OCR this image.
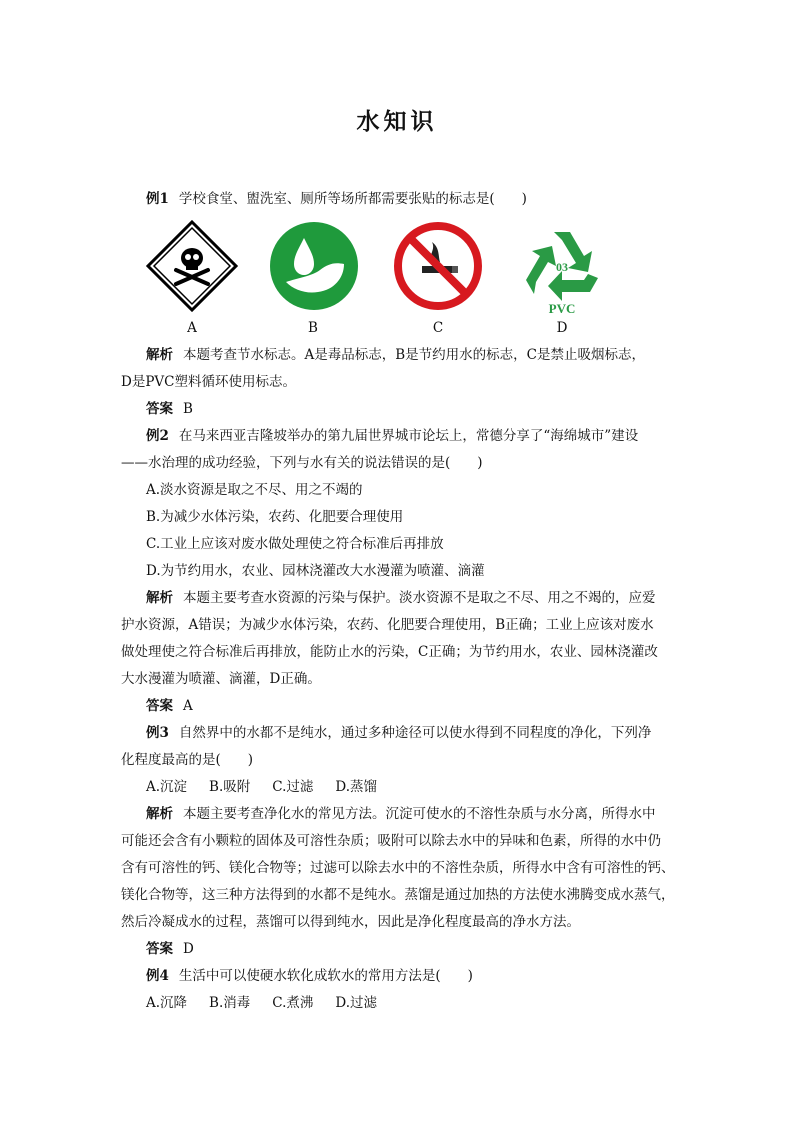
水知识
例1 学校食堂、盥洗室、厕所等场所都需要张贴的标志是(　　)
A	B	C
03
PVC
D
解析 本题考查节水标志。A是毒品标志，B是节约用水的标志，C是禁止吸烟标志，
D是PVC塑料循环使用标志。
答案 B
例2 在马来西亚吉隆坡举办的第九届世界城市论坛上，常德分享了“海绵城市”建设
——水治理的成功经验，下列与水有关的说法错误的是(　　)
A.淡水资源是取之不尽、用之不竭的
B.为减少水体污染，农药、化肥要合理使用
C.工业上应该对废水做处理使之符合标准后再排放
D.为节约用水，农业、园林浇灌改大水漫灌为喷灌、滴灌
解析 本题主要考查水资源的污染与保护。淡水资源不是取之不尽、用之不竭的，应爱
护水资源，A错误；为减少水体污染，农药、化肥要合理使用，B正确；工业上应该对废水
做处理使之符合标准后再排放，能防止水的污染，C正确；为节约用水，农业、园林浇灌改
大水漫灌为喷灌、滴灌，D正确。
答案 A
例3 自然界中的水都不是纯水，通过多种途径可以使水得到不同程度的净化，下列净
化程度最高的是(　　)
A.沉淀 B.吸附 C.过滤 D.蒸馏
解析 本题主要考查净化水的常见方法。沉淀可使水的不溶性杂质与水分离，所得水中
可能还会含有小颗粒的固体及可溶性杂质；吸附可以除去水中的异味和色素，所得的水中仍
含有可溶性的钙、镁化合物等；过滤可以除去水中的不溶性杂质，所得水中含有可溶性的钙、
镁化合物等，这三种方法得到的水都不是纯水。蒸馏是通过加热的方法使水沸腾变成水蒸气，
然后冷凝成水的过程，蒸馏可以得到纯水，因此是净化程度最高的净水方法。
答案 D
例4 生活中可以使硬水软化成软水的常用方法是(　　)
A.沉降 B.消毒 C.煮沸 D.过滤
